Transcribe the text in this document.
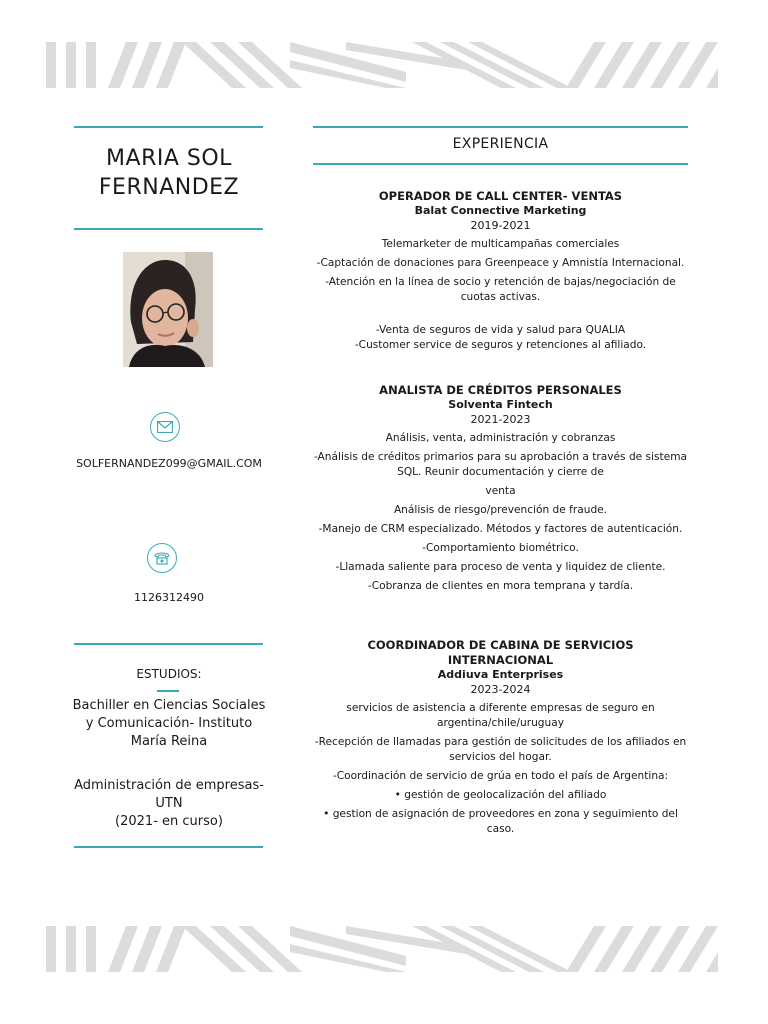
MARIA SOL
FERNANDEZ
SOLFERNANDEZ099@GMAIL.COM
1126312490
ESTUDIOS:
Bachiller en Ciencias Sociales
y Comunicación- Instituto
María Reina
Administración de empresas-
UTN
(2021- en curso)
EXPERIENCIA
OPERADOR DE CALL CENTER- VENTAS
Balat Connective Marketing
2019-2021
Telemarketer de multicampañas comerciales
-Captación de donaciones para Greenpeace y Amnistía Internacional.
-Atención en la línea de socio y retención de bajas/negociación de
cuotas activas.
-Venta de seguros de vida y salud para QUALIA
-Customer service de seguros y retenciones al afiliado.
ANALISTA DE CRÉDITOS PERSONALES
Solventa Fintech
2021-2023
Análisis, venta, administración y cobranzas
-Análisis de créditos primarios para su aprobación a través de sistema
SQL. Reunir documentación y cierre de
venta
Análisis de riesgo/prevención de fraude.
-Manejo de CRM especializado. Métodos y factores de autenticación.
-Comportamiento biométrico.
-Llamada saliente para proceso de venta y liquidez de cliente.
-Cobranza de clientes en mora temprana y tardía.
COORDINADOR DE CABINA DE SERVICIOS
INTERNACIONAL
Addiuva Enterprises
2023-2024
servicios de asistencia a diferente empresas de seguro en
argentina/chile/uruguay
-Recepción de llamadas para gestión de solicitudes de los afiliados en
servicios del hogar.
-Coordinación de servicio de grúa en todo el país de Argentina:
• gestión de geolocalización del afiliado
• gestion de asignación de proveedores en zona y seguimiento del
caso.
